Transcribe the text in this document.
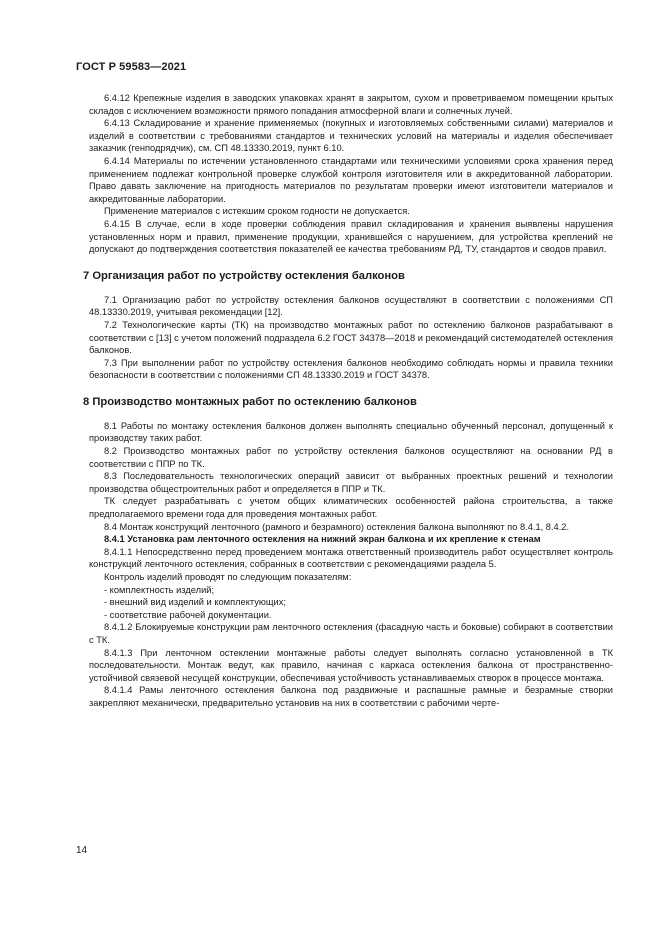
ГОСТ Р 59583—2021

6.4.12 Крепежные изделия в заводских упаковках хранят в закрытом, сухом и проветриваемом помещении крытых складов с исключением возможности прямого попадания атмосферной влаги и солнечных лучей.

6.4.13 Складирование и хранение применяемых (покупных и изготовляемых собственными силами) материалов и изделий в соответствии с требованиями стандартов и технических условий на материалы и изделия обеспечивает заказчик (генподрядчик), см. СП 48.13330.2019, пункт 6.10.

6.4.14 Материалы по истечении установленного стандартами или техническими условиями срока хранения перед применением подлежат контрольной проверке службой контроля изготовителя или в аккредитованной лаборатории. Право давать заключение на пригодность материалов по результатам проверки имеют изготовители материалов и аккредитованные лаборатории.

Применение материалов с истекшим сроком годности не допускается.

6.4.15 В случае, если в ходе проверки соблюдения правил складирования и хранения выявлены нарушения установленных норм и правил, применение продукции, хранившейся с нарушением, для устройства креплений не допускают до подтверждения соответствия показателей ее качества требованиям РД, ТУ, стандартов и сводов правил.

7 Организация работ по устройству остекления балконов

7.1 Организацию работ по устройству остекления балконов осуществляют в соответствии с положениями СП 48.13330.2019, учитывая рекомендации [12].

7.2 Технологические карты (ТК) на производство монтажных работ по остеклению балконов разрабатывают в соответствии с [13] с учетом положений подраздела 6.2 ГОСТ 34378—2018 и рекомендаций системодателей остекления балконов.

7.3 При выполнении работ по устройству остекления балконов необходимо соблюдать нормы и правила техники безопасности в соответствии с положениями СП 48.13330.2019 и ГОСТ 34378.

8 Производство монтажных работ по остеклению балконов

8.1 Работы по монтажу остекления балконов должен выполнять специально обученный персонал, допущенный к производству таких работ.

8.2 Производство монтажных работ по устройству остекления балконов осуществляют на основании РД в соответствии с ППР по ТК.

8.3 Последовательность технологических операций зависит от выбранных проектных решений и технологии производства общестроительных работ и определяется в ППР и ТК.

ТК следует разрабатывать с учетом общих климатических особенностей района строительства, а также предполагаемого времени года для проведения монтажных работ.

8.4 Монтаж конструкций ленточного (рамного и безрамного) остекления балкона выполняют по 8.4.1, 8.4.2.

8.4.1 Установка рам ленточного остекления на нижний экран балкона и их крепление к стенам

8.4.1.1 Непосредственно перед проведением монтажа ответственный производитель работ осуществляет контроль конструкций ленточного остекления, собранных в соответствии с рекомендациями раздела 5.

Контроль изделий проводят по следующим показателям:

- комплектность изделий;

- внешний вид изделий и комплектующих;

- соответствие рабочей документации.

8.4.1.2 Блокируемые конструкции рам ленточного остекления (фасадную часть и боковые) собирают в соответствии с ТК.

8.4.1.3 При ленточном остеклении монтажные работы следует выполнять согласно установленной в ТК последовательности. Монтаж ведут, как правило, начиная с каркаса остекления балкона от пространственно-устойчивой связевой несущей конструкции, обеспечивая устойчивость устанавливаемых створок в процессе монтажа.

8.4.1.4 Рамы ленточного остекления балкона под раздвижные и распашные рамные и безрамные створки закрепляют механически, предварительно установив на них в соответствии с рабочими черте-

14
